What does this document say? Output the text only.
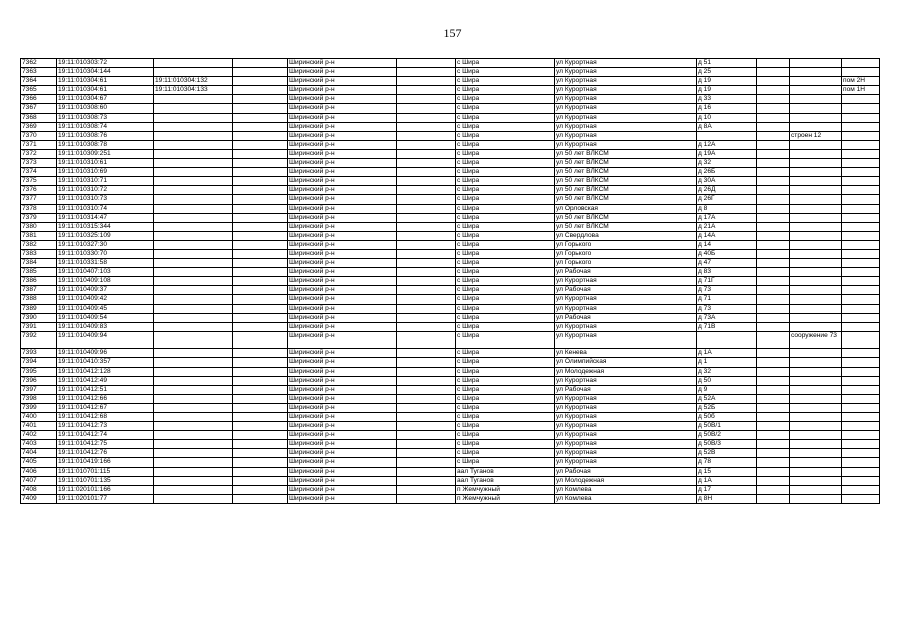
157
7362	19:11:010303:72			Ширинский р-н		с Шира	ул Курортная	д 51			
7363	19:11:010304:144			Ширинский р-н		с Шира	ул Курортная	д 25			
7364	19:11:010304:61	19:11:010304:132		Ширинский р-н		с Шира	ул Курортная	д 19			пом 2Н
7365	19:11:010304:61	19:11:010304:133		Ширинский р-н		с Шира	ул Курортная	д 19			пом 1Н
7366	19:11:010304:67			Ширинский р-н		с Шира	ул Курортная	д 33			
7367	19:11:010308:60			Ширинский р-н		с Шира	ул Курортная	д 16			
7368	19:11:010308:73			Ширинский р-н		с Шира	ул Курортная	д 10			
7369	19:11:010308:74			Ширинский р-н		с Шира	ул Курортная	д 8А			
7370	19:11:010308:76			Ширинский р-н		с Шира	ул Курортная			строен 12	
7371	19:11:010308:78			Ширинский р-н		с Шира	ул Курортная	д 12А			
7372	19:11:010309:251			Ширинский р-н		с Шира	ул 50 лет ВЛКСМ	д 19А			
7373	19:11:010310:61			Ширинский р-н		с Шира	ул 50 лет ВЛКСМ	д 32			
7374	19:11:010310:69			Ширинский р-н		с Шира	ул 50 лет ВЛКСМ	д 26Б			
7375	19:11:010310:71			Ширинский р-н		с Шира	ул 50 лет ВЛКСМ	д 30А			
7376	19:11:010310:72			Ширинский р-н		с Шира	ул 50 лет ВЛКСМ	д 26Д			
7377	19:11:010310:73			Ширинский р-н		с Шира	ул 50 лет ВЛКСМ	д 26Г			
7378	19:11:010310:74			Ширинский р-н		с Шира	ул Орловская	д 8			
7379	19:11:010314:47			Ширинский р-н		с Шира	ул 50 лет ВЛКСМ	д 17А			
7380	19:11:010315:344			Ширинский р-н		с Шира	ул 50 лет ВЛКСМ	д 21А			
7381	19:11:010325:109			Ширинский р-н		с Шира	ул Свердлова	д 14А			
7382	19:11:010327:30			Ширинский р-н		с Шира	ул Горького	д 14			
7383	19:11:010330:70			Ширинский р-н		с Шира	ул Горького	д 40Б			
7384	19:11:010331:58			Ширинский р-н		с Шира	ул Горького	д 47			
7385	19:11:010407:103			Ширинский р-н		с Шира	ул Рабочая	д 83			
7386	19:11:010409:108			Ширинский р-н		с Шира	ул Курортная	д 71Г			
7387	19:11:010409:37			Ширинский р-н		с Шира	ул Рабочая	д 73			
7388	19:11:010409:42			Ширинский р-н		с Шира	ул Курортная	д 71			
7389	19:11:010409:45			Ширинский р-н		с Шира	ул Курортная	д 73			
7390	19:11:010409:54			Ширинский р-н		с Шира	ул Рабочая	д 73А			
7391	19:11:010409:83			Ширинский р-н		с Шира	ул Курортная	д 71В			
7392	19:11:010409:94			Ширинский р-н		с Шира	ул Курортная			сооружение 73	
7393	19:11:010409:96			Ширинский р-н		с Шира	ул Кенева	д 1А			
7394	19:11:010410:357			Ширинский р-н		с Шира	ул Олимпийская	д 1			
7395	19:11:010412:128			Ширинский р-н		с Шира	ул Молодежная	д 32			
7396	19:11:010412:49			Ширинский р-н		с Шира	ул Курортная	д 50			
7397	19:11:010412:51			Ширинский р-н		с Шира	ул Рабочая	д 9			
7398	19:11:010412:66			Ширинский р-н		с Шира	ул Курортная	д 52А			
7399	19:11:010412:67			Ширинский р-н		с Шира	ул Курортная	д 52Б			
7400	19:11:010412:68			Ширинский р-н		с Шира	ул Курортная	д 50б			
7401	19:11:010412:73			Ширинский р-н		с Шира	ул Курортная	д 50В/1			
7402	19:11:010412:74			Ширинский р-н		с Шира	ул Курортная	д 50В/2			
7403	19:11:010412:75			Ширинский р-н		с Шира	ул Курортная	д 50В/3			
7404	19:11:010412:76			Ширинский р-н		с Шира	ул Курортная	д 52В			
7405	19:11:010419:166			Ширинский р-н		с Шира	ул Курортная	д 78			
7406	19:11:010701:115			Ширинский р-н		аал Туганов	ул Рабочая	д 15			
7407	19:11:010701:135			Ширинский р-н		аал Туганов	ул Молодежная	д 1А			
7408	19:11:020101:166			Ширинский р-н		п Жемчужный	ул Комлева	д 17			
7409	19:11:020101:77			Ширинский р-н		п Жемчужный	ул Комлева	д 8Н			
